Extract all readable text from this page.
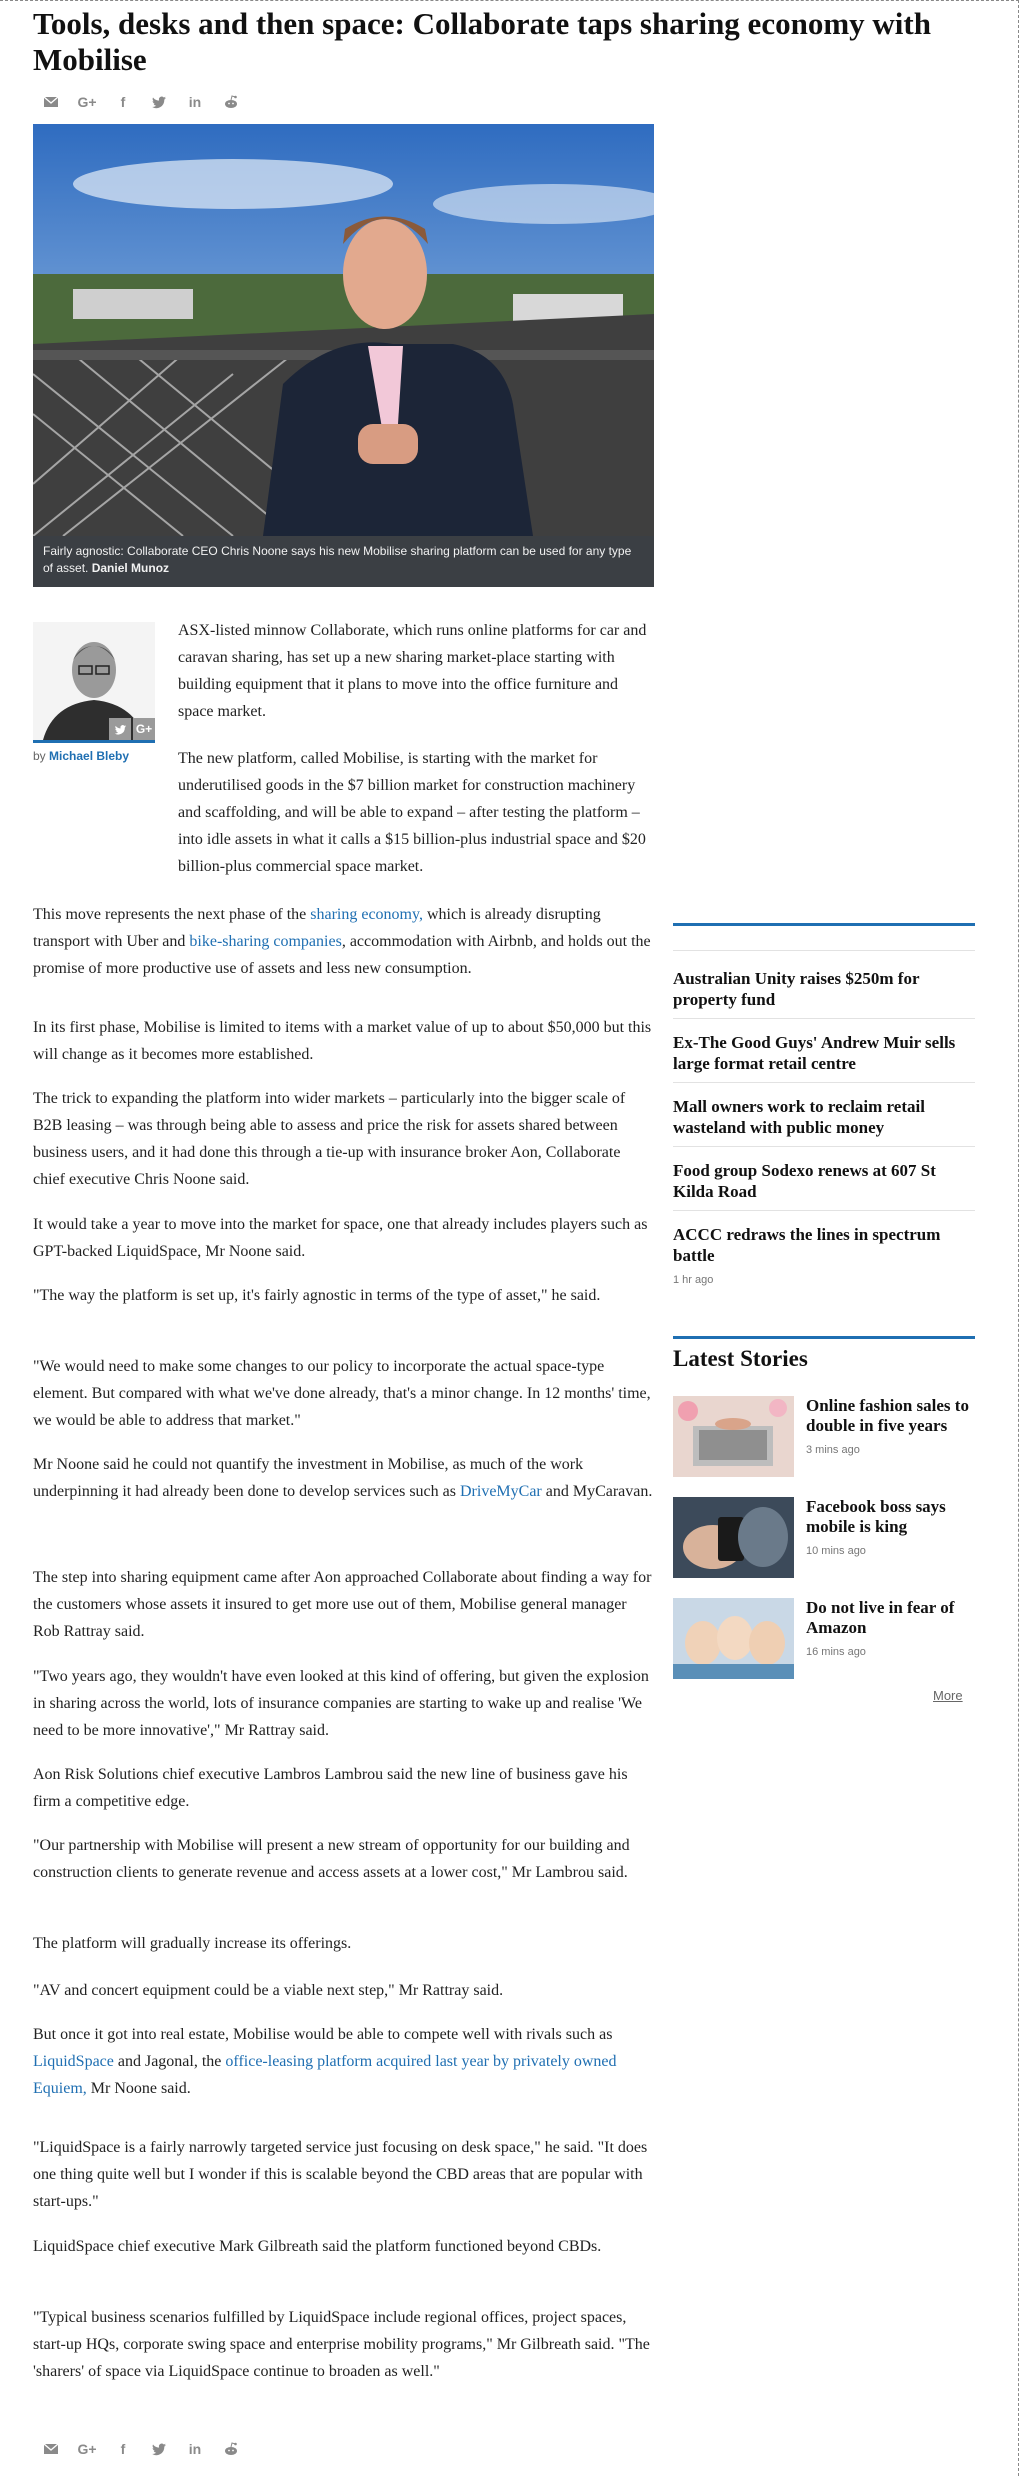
Tools, desks and then space: Collaborate taps sharing economy with Mobilise
G+	f	in
Fairly agnostic: Collaborate CEO Chris Noone says his new Mobilise sharing platform can be used for any type of asset. Daniel Munoz
G+
by Michael Bleby

ASX-listed minnow Collaborate, which runs online platforms for car and caravan sharing, has set up a new sharing market-place starting with building equipment that it plans to move into the office furniture and space market.

The new platform, called Mobilise, is starting with the market for underutilised goods in the $7 billion market for construction machinery and scaffolding, and will be able to expand – after testing the platform – into idle assets in what it calls a $15 billion-plus industrial space and $20 billion-plus commercial space market.

This move represents the next phase of the sharing economy, which is already disrupting transport with Uber and bike-sharing companies, accommodation with Airbnb, and holds out the promise of more productive use of assets and less new consumption.

In its first phase, Mobilise is limited to items with a market value of up to about $50,000 but this will change as it becomes more established.

The trick to expanding the platform into wider markets – particularly into the bigger scale of B2B leasing – was through being able to assess and price the risk for assets shared between business users, and it had done this through a tie-up with insurance broker Aon, Collaborate chief executive Chris Noone said.

It would take a year to move into the market for space, one that already includes players such as GPT-backed LiquidSpace, Mr Noone said.

"The way the platform is set up, it's fairly agnostic in terms of the type of asset," he said.

"We would need to make some changes to our policy to incorporate the actual space-type element. But compared with what we've done already, that's a minor change. In 12 months' time, we would be able to address that market."

Mr Noone said he could not quantify the investment in Mobilise, as much of the work underpinning it had already been done to develop services such as DriveMyCar and MyCaravan.

The step into sharing equipment came after Aon approached Collaborate about finding a way for the customers whose assets it insured to get more use out of them, Mobilise general manager Rob Rattray said.

"Two years ago, they wouldn't have even looked at this kind of offering, but given the explosion in sharing across the world, lots of insurance companies are starting to wake up and realise 'We need to be more innovative'," Mr Rattray said.

Aon Risk Solutions chief executive Lambros Lambrou said the new line of business gave his firm a competitive edge.

"Our partnership with Mobilise will present a new stream of opportunity for our building and construction clients to generate revenue and access assets at a lower cost," Mr Lambrou said.

The platform will gradually increase its offerings.

"AV and concert equipment could be a viable next step," Mr Rattray said.

But once it got into real estate, Mobilise would be able to compete well with rivals such as LiquidSpace and Jagonal, the office-leasing platform acquired last year by privately owned Equiem, Mr Noone said.

"LiquidSpace is a fairly narrowly targeted service just focusing on desk space," he said. "It does one thing quite well but I wonder if this is scalable beyond the CBD areas that are popular with start-ups."

LiquidSpace chief executive Mark Gilbreath said the platform functioned beyond CBDs.

"Typical business scenarios fulfilled by LiquidSpace include regional offices, project spaces, start-up HQs, corporate swing space and enterprise mobility programs," Mr Gilbreath said. "The 'sharers' of space via LiquidSpace continue to broaden as well."

G+	f	in
Australian Unity raises $250m for property fund
Ex-The Good Guys' Andrew Muir sells large format retail centre
Mall owners work to reclaim retail wasteland with public money
Food group Sodexo renews at 607 St Kilda Road
ACCC redraws the lines in spectrum battle
1 hr ago
Latest Stories
Online fashion sales to double in five years
3 mins ago
Facebook boss says mobile is king
10 mins ago
Do not live in fear of Amazon
16 mins ago
More
